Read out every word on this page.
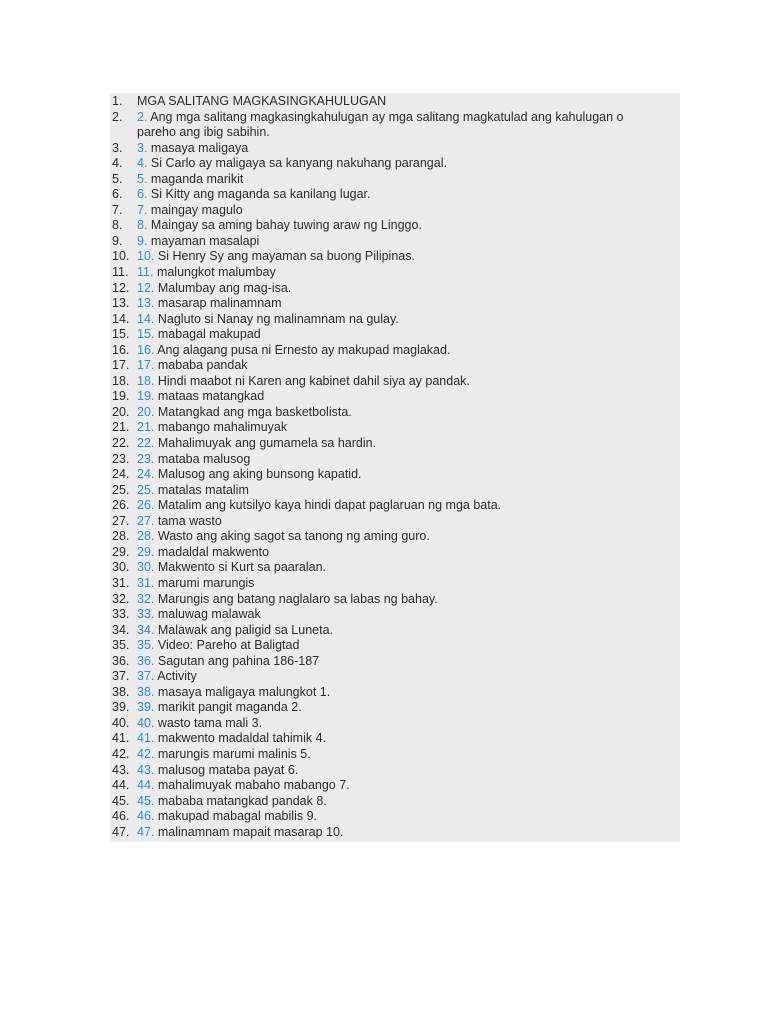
1.	MGA SALITANG MAGKASINGKAHULUGAN
2.	2. Ang mga salitang magkasingkahulugan ay mga salitang magkatulad ang kahulugan o pareho ang ibig sabihin.
3.	3. masaya maligaya
4.	4. Si Carlo ay maligaya sa kanyang nakuhang parangal.
5.	5. maganda marikit
6.	6. Si Kitty ang maganda sa kanilang lugar.
7.	7. maingay magulo
8.	8. Maingay sa aming bahay tuwing araw ng Linggo.
9.	9. mayaman masalapi
10. 10. Si Henry Sy ang mayaman sa buong Pilipinas.
11. 11. malungkot malumbay
12. 12. Malumbay ang mag-isa.
13. 13. masarap malinamnam
14. 14. Nagluto si Nanay ng malinamnam na gulay.
15. 15. mabagal makupad
16. 16. Ang alagang pusa ni Ernesto ay makupad maglakad.
17. 17. mababa pandak
18. 18. Hindi maabot ni Karen ang kabinet dahil siya ay pandak.
19. 19. mataas matangkad
20. 20. Matangkad ang mga basketbolista.
21. 21. mabango mahalimuyak
22. 22. Mahalimuyak ang gumamela sa hardin.
23. 23. mataba malusog
24. 24. Malusog ang aking bunsong kapatid.
25. 25. matalas matalim
26. 26. Matalim ang kutsilyo kaya hindi dapat paglaruan ng mga bata.
27. 27. tama wasto
28. 28. Wasto ang aking sagot sa tanong ng aming guro.
29. 29. madaldal makwento
30. 30. Makwento si Kurt sa paaralan.
31. 31. marumi marungis
32. 32. Marungis ang batang naglalaro sa labas ng bahay.
33. 33. maluwag malawak
34. 34. Malawak ang paligid sa Luneta.
35. 35. Video: Pareho at Baligtad
36. 36. Sagutan ang pahina 186-187
37. 37. Activity
38. 38. masaya maligaya malungkot 1.
39. 39. marikit pangit maganda 2.
40. 40. wasto tama mali 3.
41. 41. makwento madaldal tahimik 4.
42. 42. marungis marumi malinis 5.
43. 43. malusog mataba payat 6.
44. 44. mahalimuyak mabaho mabango 7.
45. 45. mababa matangkad pandak 8.
46. 46. makupad mabagal mabilis 9.
47. 47. malinamnam mapait masarap 10.
